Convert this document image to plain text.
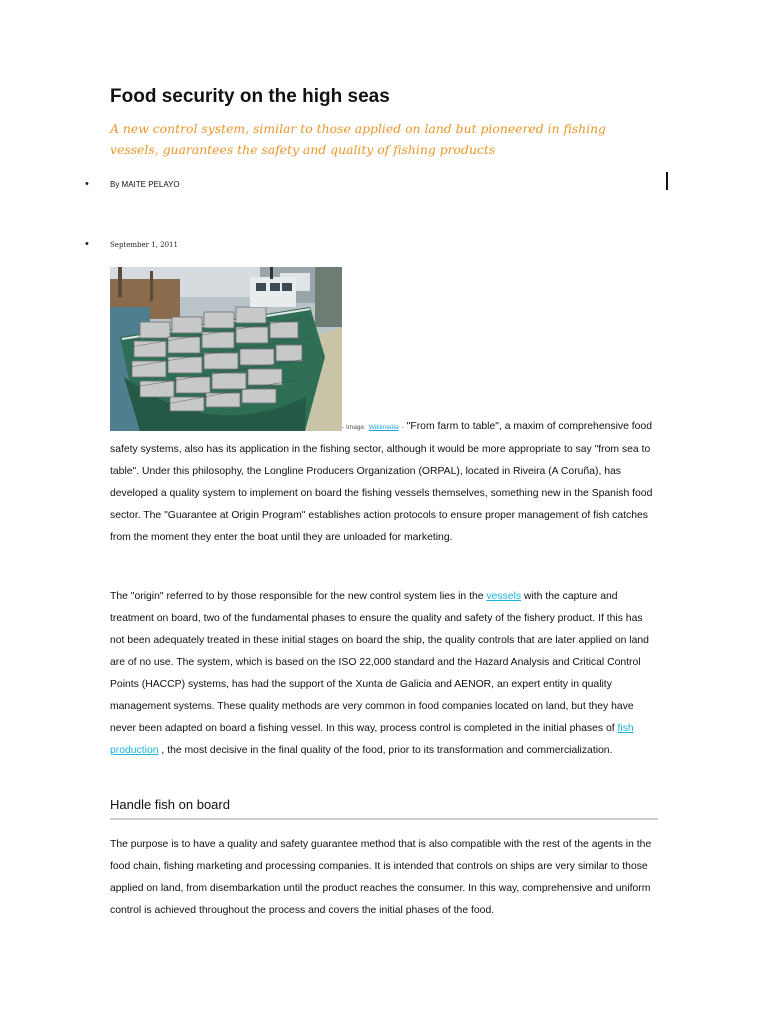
Food security on the high seas

A new control system, similar to those applied on land but pioneered in fishing vessels, guarantees the safety and quality of fishing products

•	By MAITE PELAYO
•	September 1, 2011

- Image: Wikimedia - "From farm to table", a maxim of comprehensive food safety systems, also has its application in the fishing sector, although it would be more appropriate to say "from sea to table". Under this philosophy, the Longline Producers Organization (ORPAL), located in Riveira (A Coruña), has developed a quality system to implement on board the fishing vessels themselves, something new in the Spanish food sector. The "Guarantee at Origin Program" establishes action protocols to ensure proper management of fish catches from the moment they enter the boat until they are unloaded for marketing.

The "origin" referred to by those responsible for the new control system lies in the vessels with the capture and treatment on board, two of the fundamental phases to ensure the quality and safety of the fishery product. If this has not been adequately treated in these initial stages on board the ship, the quality controls that are later applied on land are of no use. The system, which is based on the ISO 22,000 standard and the Hazard Analysis and Critical Control Points (HACCP) systems, has had the support of the Xunta de Galicia and AENOR, an expert entity in quality management systems. These quality methods are very common in food companies located on land, but they have never been adapted on board a fishing vessel. In this way, process control is completed in the initial phases of fish production , the most decisive in the final quality of the food, prior to its transformation and commercialization.

Handle fish on board

The purpose is to have a quality and safety guarantee method that is also compatible with the rest of the agents in the food chain, fishing marketing and processing companies. It is intended that controls on ships are very similar to those applied on land, from disembarkation until the product reaches the consumer. In this way, comprehensive and uniform control is achieved throughout the process and covers the initial phases of the food.
